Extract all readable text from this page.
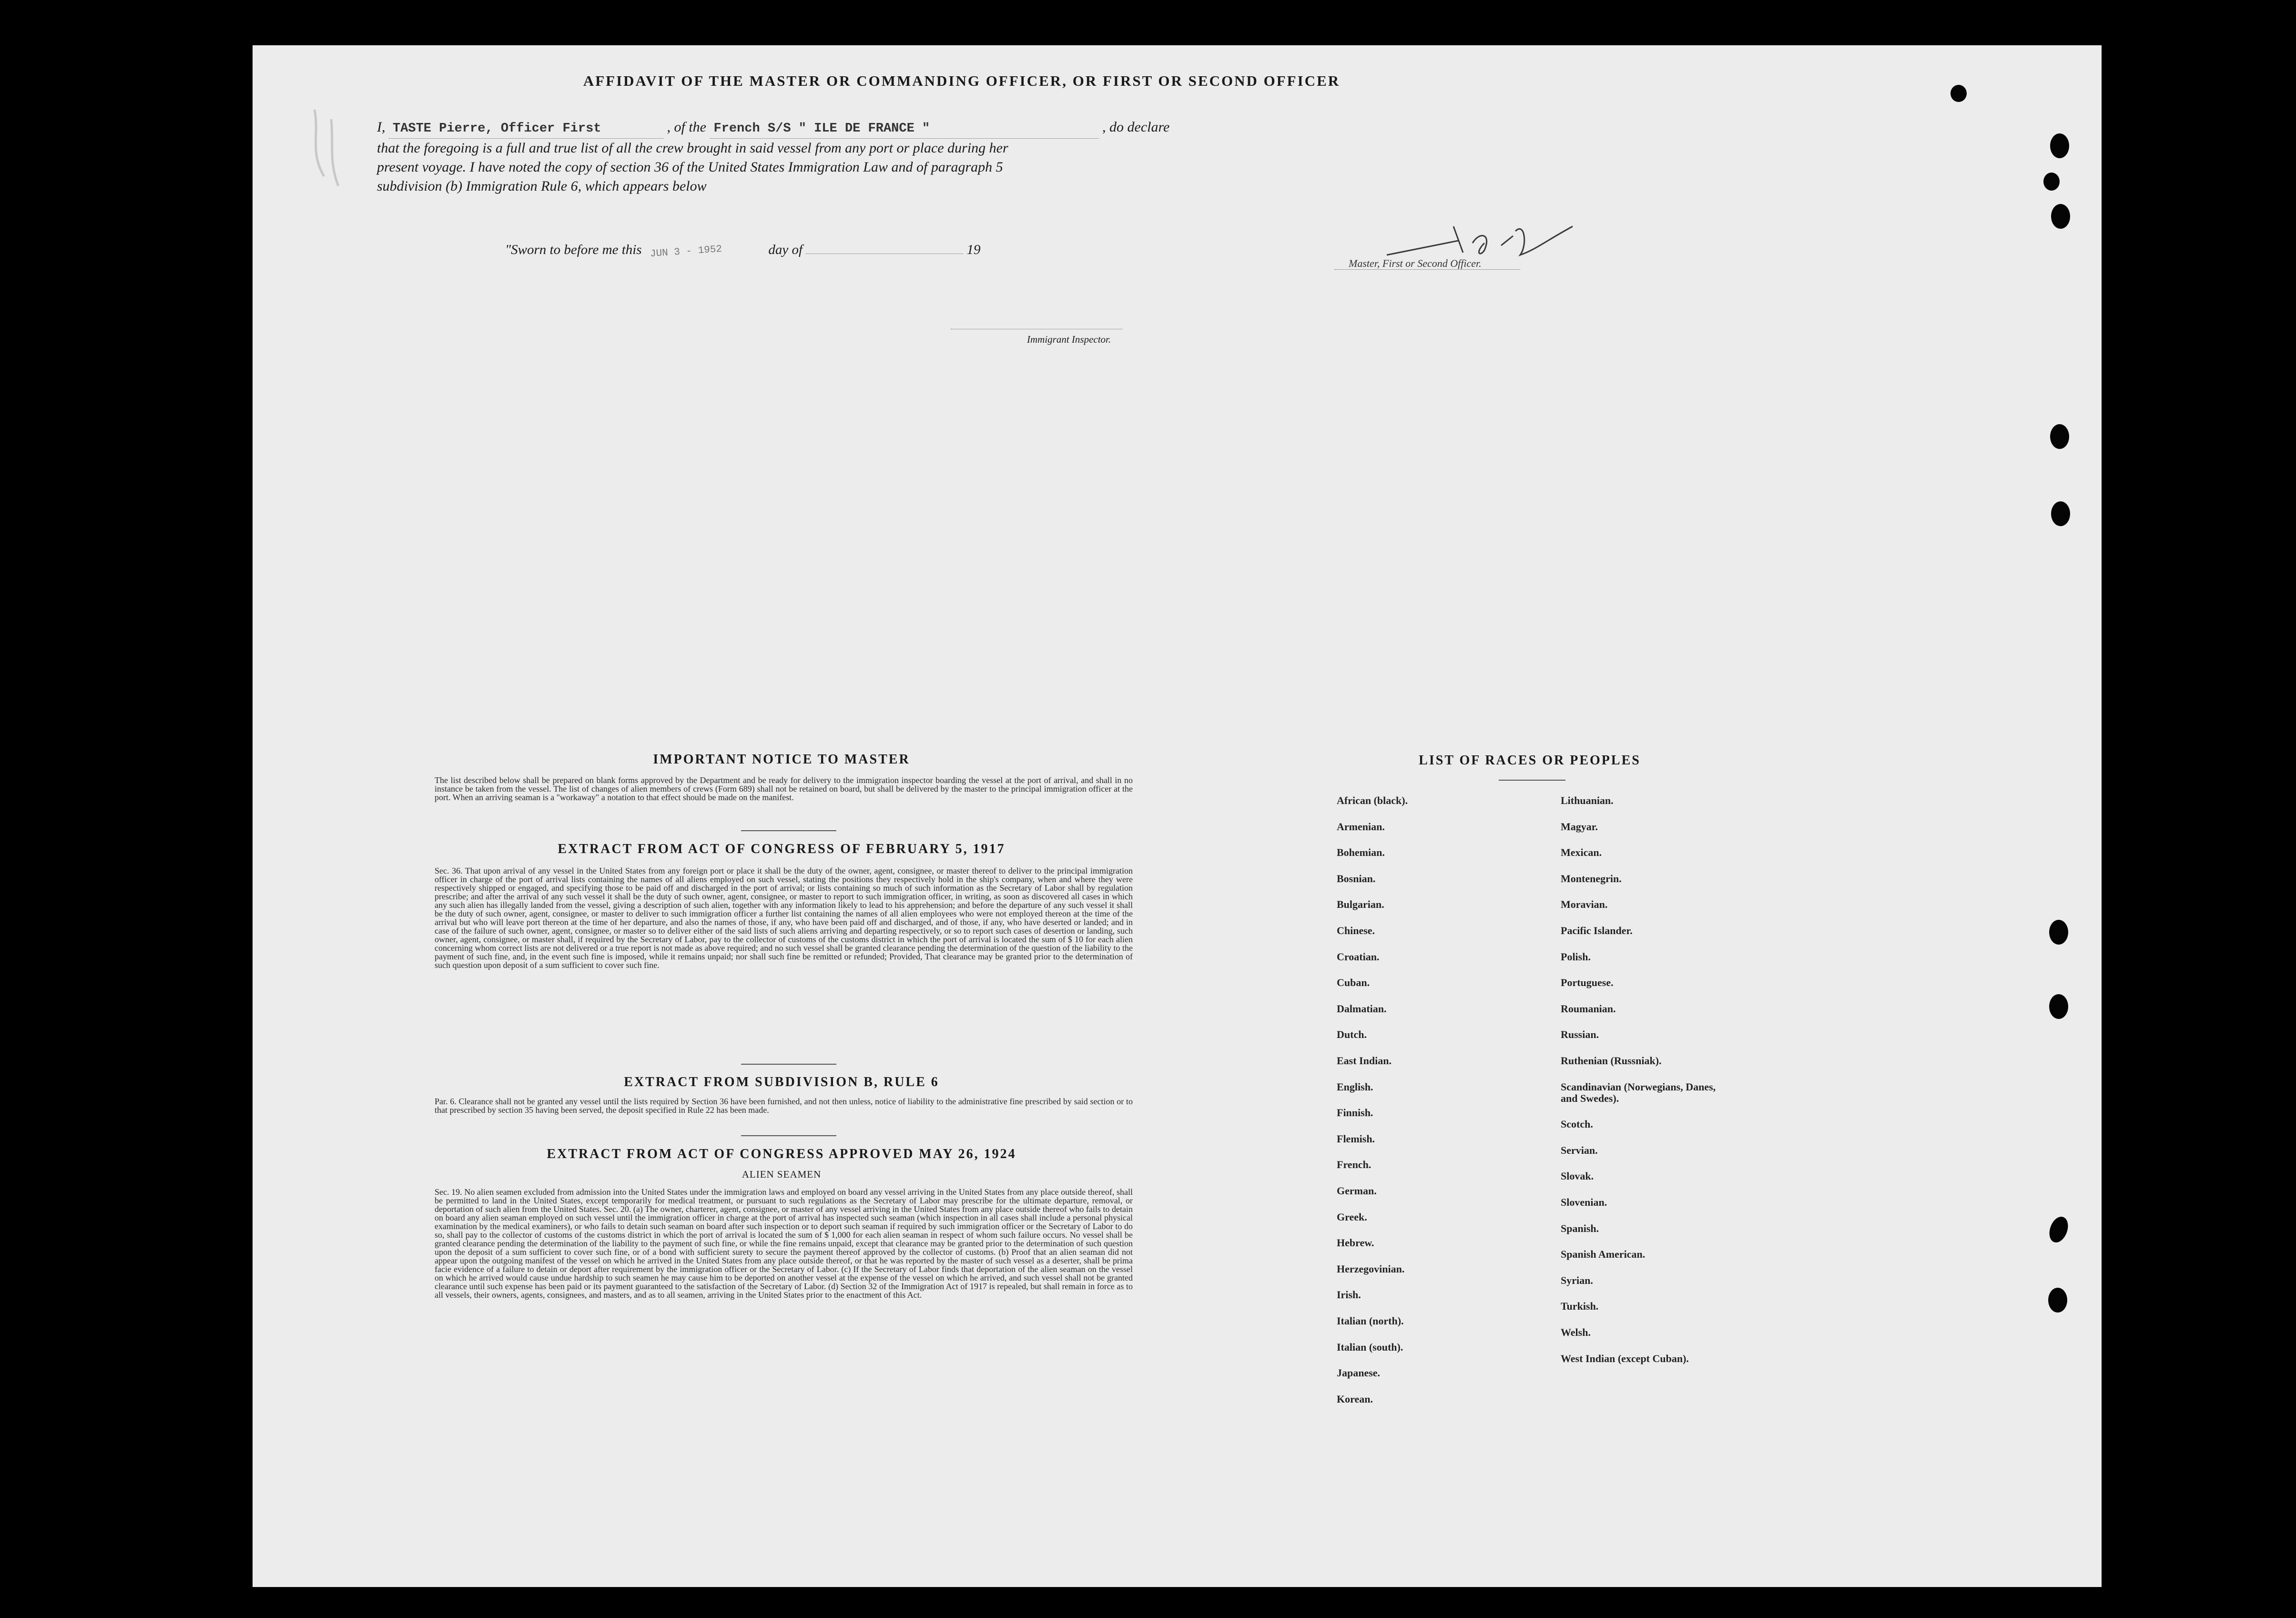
AFFIDAVIT OF THE MASTER OR COMMANDING OFFICER, OR FIRST OR SECOND OFFICER
I, TASTE Pierre, Officer First	, of the French S/S " ILE DE FRANCE "	, do declare
that the foregoing is a full and true list of all the crew brought in said vessel from any port or place during her
present voyage. I have noted the copy of section 36 of the United States Immigration Law and of paragraph 5
subdivision (b) Immigration Rule 6, which appears below
Master, First or Second Officer.
"Sworn to before me this JUN 3 - 1952	day of	19
Immigrant Inspector.
IMPORTANT NOTICE TO MASTER
The list described below shall be prepared on blank forms approved by the Department and be ready for delivery to the immigration inspector boarding the vessel at the port of arrival, and shall in no instance be taken from the vessel. The list of changes of alien members of crews (Form 689) shall not be retained on board, but shall be delivered by the master to the principal immigration officer at the port. When an arriving seaman is a "workaway" a notation to that effect should be made on the manifest.
EXTRACT FROM ACT OF CONGRESS OF FEBRUARY 5, 1917
Sec. 36. That upon arrival of any vessel in the United States from any foreign port or place it shall be the duty of the owner, agent, consignee, or master thereof to deliver to the principal immigration officer in charge of the port of arrival lists containing the names of all aliens employed on such vessel, stating the positions they respectively hold in the ship's company, when and where they were respectively shipped or engaged, and specifying those to be paid off and discharged in the port of arrival; or lists containing so much of such information as the Secretary of Labor shall by regulation prescribe; and after the arrival of any such vessel it shall be the duty of such owner, agent, consignee, or master to report to such immigration officer, in writing, as soon as discovered all cases in which any such alien has illegally landed from the vessel, giving a description of such alien, together with any information likely to lead to his apprehension; and before the departure of any such vessel it shall be the duty of such owner, agent, consignee, or master to deliver to such immigration officer a further list containing the names of all alien employees who were not employed thereon at the time of the arrival but who will leave port thereon at the time of her departure, and also the names of those, if any, who have been paid off and discharged, and of those, if any, who have deserted or landed; and in case of the failure of such owner, agent, consignee, or master so to deliver either of the said lists of such aliens arriving and departing respectively, or so to report such cases of desertion or landing, such owner, agent, consignee, or master shall, if required by the Secretary of Labor, pay to the collector of customs of the customs district in which the port of arrival is located the sum of $ 10 for each alien concerning whom correct lists are not delivered or a true report is not made as above required; and no such vessel shall be granted clearance pending the determination of the question of the liability to the payment of such fine, and, in the event such fine is imposed, while it remains unpaid; nor shall such fine be remitted or refunded; Provided, That clearance may be granted prior to the determination of such question upon deposit of a sum sufficient to cover such fine.
EXTRACT FROM SUBDIVISION B, RULE 6
Par. 6. Clearance shall not be granted any vessel until the lists required by Section 36 have been furnished, and not then unless, notice of liability to the administrative fine prescribed by said section or to that prescribed by section 35 having been served, the deposit specified in Rule 22 has been made.
EXTRACT FROM ACT OF CONGRESS APPROVED MAY 26, 1924
ALIEN SEAMEN
Sec. 19. No alien seamen excluded from admission into the United States under the immigration laws and employed on board any vessel arriving in the United States from any place outside thereof, shall be permitted to land in the United States, except temporarily for medical treatment, or pursuant to such regulations as the Secretary of Labor may prescribe for the ultimate departure, removal, or deportation of such alien from the United States. Sec. 20. (a) The owner, charterer, agent, consignee, or master of any vessel arriving in the United States from any place outside thereof who fails to detain on board any alien seaman employed on such vessel until the immigration officer in charge at the port of arrival has inspected such seaman (which inspection in all cases shall include a personal physical examination by the medical examiners), or who fails to detain such seaman on board after such inspection or to deport such seaman if required by such immigration officer or the Secretary of Labor to do so, shall pay to the collector of customs of the customs district in which the port of arrival is located the sum of $ 1,000 for each alien seaman in respect of whom such failure occurs. No vessel shall be granted clearance pending the determination of the liability to the payment of such fine, or while the fine remains unpaid, except that clearance may be granted prior to the determination of such question upon the deposit of a sum sufficient to cover such fine, or of a bond with sufficient surety to secure the payment thereof approved by the collector of customs. (b) Proof that an alien seaman did not appear upon the outgoing manifest of the vessel on which he arrived in the United States from any place outside thereof, or that he was reported by the master of such vessel as a deserter, shall be prima facie evidence of a failure to detain or deport after requirement by the immigration officer or the Secretary of Labor. (c) If the Secretary of Labor finds that deportation of the alien seaman on the vessel on which he arrived would cause undue hardship to such seamen he may cause him to be deported on another vessel at the expense of the vessel on which he arrived, and such vessel shall not be granted clearance until such expense has been paid or its payment guaranteed to the satisfaction of the Secretary of Labor. (d) Section 32 of the Immigration Act of 1917 is repealed, but shall remain in force as to all vessels, their owners, agents, consignees, and masters, and as to all seamen, arriving in the United States prior to the enactment of this Act.
LIST OF RACES OR PEOPLES
African (black).
Armenian.
Bohemian.
Bosnian.
Bulgarian.
Chinese.
Croatian.
Cuban.
Dalmatian.
Dutch.
East Indian.
English.
Finnish.
Flemish.
French.
German.
Greek.
Hebrew.
Herzegovinian.
Irish.
Italian (north).
Italian (south).
Japanese.
Korean.
Lithuanian.
Magyar.
Mexican.
Montenegrin.
Moravian.
Pacific Islander.
Polish.
Portuguese.
Roumanian.
Russian.
Ruthenian (Russniak).
Scandinavian (Norwegians, Danes, and Swedes).
Scotch.
Servian.
Slovak.
Slovenian.
Spanish.
Spanish American.
Syrian.
Turkish.
Welsh.
West Indian (except Cuban).
